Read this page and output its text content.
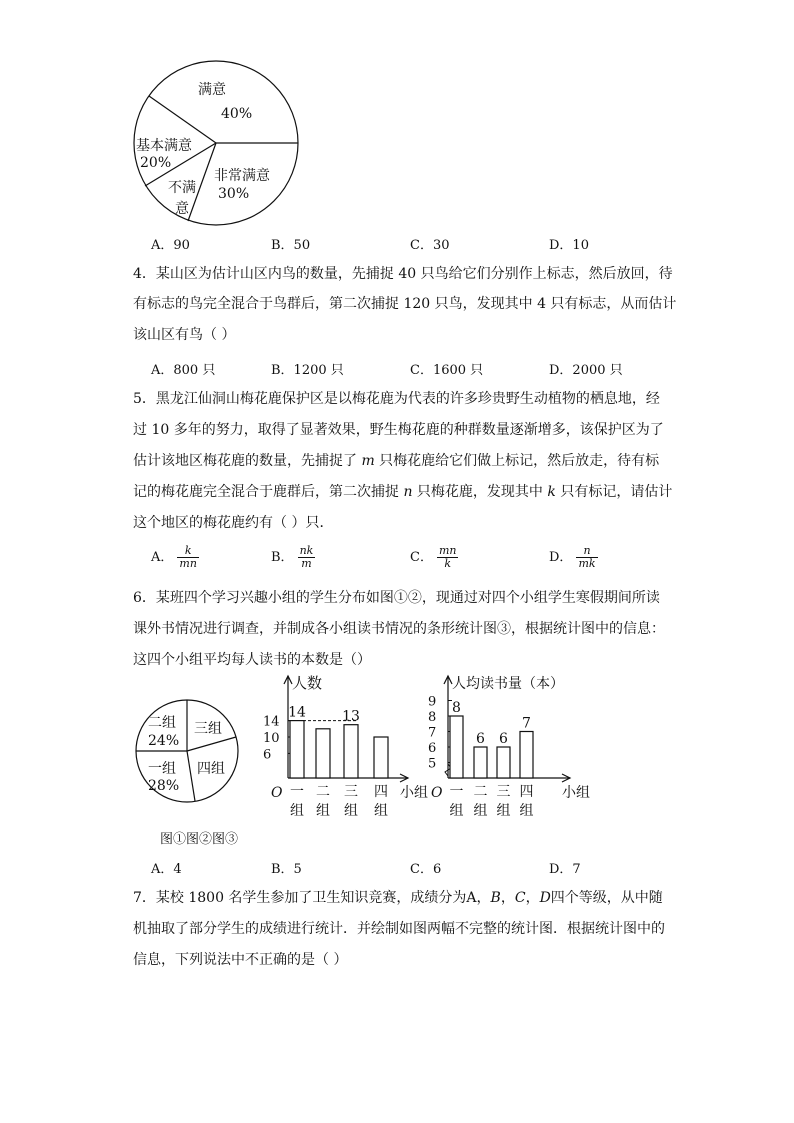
满意
40%
基本满意
20%
不满
意
非常满意
30%
A．90	B．50	C．30	D．10
4．某山区为估计山区内鸟的数量，先捕捉 40 只鸟给它们分别作上标志，然后放回，待
有标志的鸟完全混合于鸟群后，第二次捕捉 120 只鸟，发现其中 4 只有标志，从而估计
该山区有鸟（ ）
A．800 只	B．1200 只	C．1600 只	D．2000 只
5．黑龙江仙洞山梅花鹿保护区是以梅花鹿为代表的许多珍贵野生动植物的栖息地，经
过 10 多年的努力，取得了显著效果，野生梅花鹿的种群数量逐渐增多，该保护区为了
估计该地区梅花鹿的数量，先捕捉了 m 只梅花鹿给它们做上标记，然后放走，待有标
记的梅花鹿完全混合于鹿群后，第二次捕捉 n 只梅花鹿，发现其中 k 只有标记，请估计
这个地区的梅花鹿约有（ ）只．
A． $\frac{k}{mn}$	B． $\frac{nk}{m}$	C． $\frac{mn}{k}$	D． $\frac{n}{mk}$
6．某班四个学习兴趣小组的学生分布如图①②，现通过对四个小组学生寒假期间所读
课外书情况进行调查，并制成各小组读书情况的条形统计图③，根据统计图中的信息：
这四个小组平均每人读书的本数是（）
二组
24%
三组
四组
一组
28%
人数
小组
O
14
10
6
14
一
组
二
组
13
三
组
四
组
人均读书量（本）
小组
O
9
8
7
6
5
8
一
组
6
二
组
6
三
组
7
四
组
图①图②图③
A．4	B．5	C．6	D．7
7．某校 1800 名学生参加了卫生知识竞赛，成绩分为A，B，C，D四个等级，从中随
机抽取了部分学生的成绩进行统计．并绘制如图两幅不完整的统计图．根据统计图中的
信息，下列说法中不正确的是（ ）
